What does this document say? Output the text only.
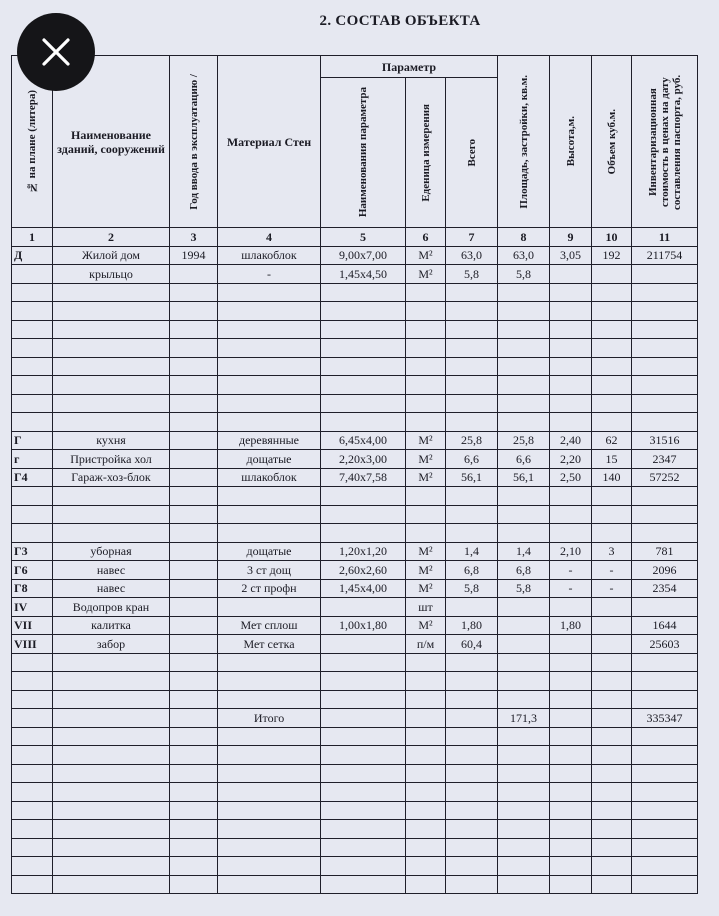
2. СОСТАВ ОБЪЕКТА
№ на плане (литера)	Наименование зданий, сооружений	Год ввода в эксплуатацию /	Материал Стен	Параметр			Площадь, застройки, кв.м.	Высота,м.	Объем куб.м.	Инвентаризационная стоимость в ценах на дату составления паспорта, руб.

				Наименования параметра	Еденица измерения	Всего				

1	2	3	4	5	6	7	8	9	10	11
Д	Жилой дом	1994	шлакоблок	9,00х7,00	М²	63,0	63,0	3,05	192	211754
	крыльцо		-	1,45х4,50	М²	5,8	5,8			

Г	кухня		деревянные	6,45х4,00	М²	25,8	25,8	2,40	62	31516
г	Пристройка хол		дощатые	2,20х3,00	М²	6,6	6,6	2,20	15	2347
Г4	Гараж-хоз-блок		шлакоблок	7,40х7,58	М²	56,1	56,1	2,50	140	57252

Г3	уборная		дощатые	1,20х1,20	М²	1,4	1,4	2,10	3	781
Г6	навес		3 ст дощ	2,60х2,60	М²	6,8	6,8	-	-	2096
Г8	навес		2 ст профн	1,45х4,00	М²	5,8	5,8	-	-	2354
IV	Водопров кран				шт					
VII	калитка		Мет сплош	1,00х1,80	М²	1,80		1,80		1644
VIII	забор		Мет сетка		п/м	60,4				25603

			Итого				171,3			335347
